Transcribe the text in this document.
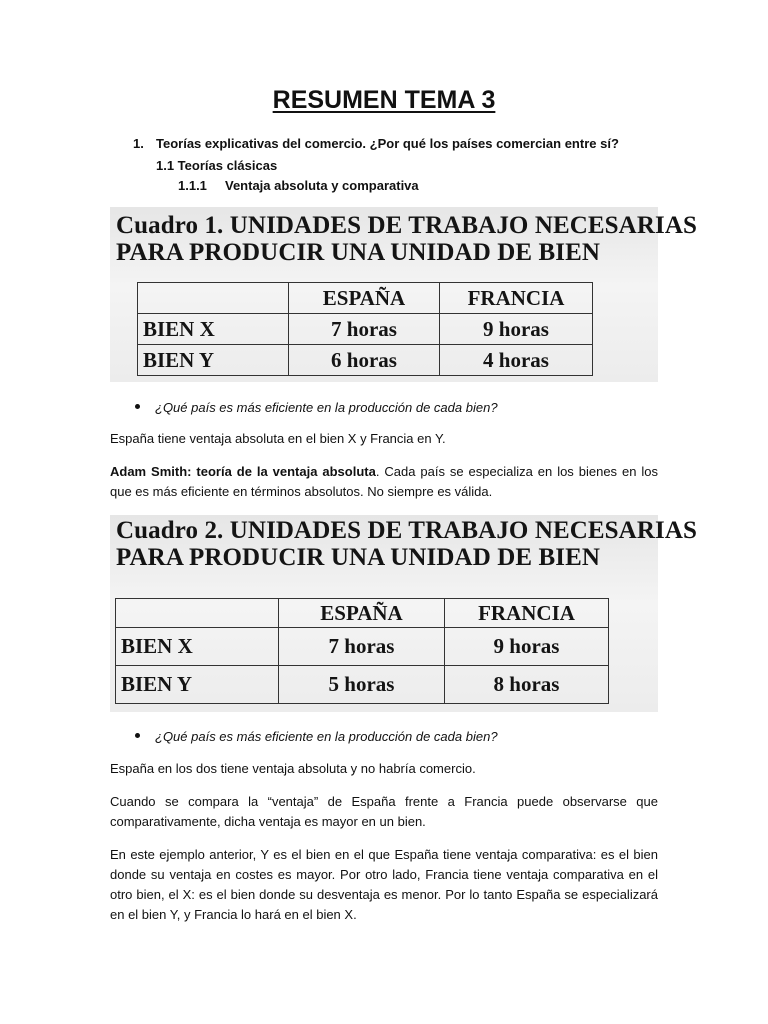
RESUMEN TEMA 3
1. Teorías explicativas del comercio. ¿Por qué los países comercian entre sí?
1.1 Teorías clásicas
1.1.1 Ventaja absoluta y comparativa
Cuadro 1. UNIDADES DE TRABAJO NECESARIAS
PARA PRODUCIR UNA UNIDAD DE BIEN
	ESPAÑA	FRANCIA
BIEN X	7 horas	9 horas
BIEN Y	6 horas	4 horas
¿Qué país es más eficiente en la producción de cada bien?
España tiene ventaja absoluta en el bien X y Francia en Y.
Adam Smith: teoría de la ventaja absoluta. Cada país se especializa en los bienes en los que es más eficiente en términos absolutos. No siempre es válida.
Cuadro 2. UNIDADES DE TRABAJO NECESARIAS
PARA PRODUCIR UNA UNIDAD DE BIEN
	ESPAÑA	FRANCIA
BIEN X	7 horas	9 horas
BIEN Y	5 horas	8 horas
¿Qué país es más eficiente en la producción de cada bien?
España en los dos tiene ventaja absoluta y no habría comercio.
Cuando se compara la “ventaja” de España frente a Francia puede observarse que comparativamente, dicha ventaja es mayor en un bien.
En este ejemplo anterior, Y es el bien en el que España tiene ventaja comparativa: es el bien donde su ventaja en costes es mayor. Por otro lado, Francia tiene ventaja comparativa en el otro bien, el X: es el bien donde su desventaja es menor. Por lo tanto España se especializará en el bien Y, y Francia lo hará en el bien X.
